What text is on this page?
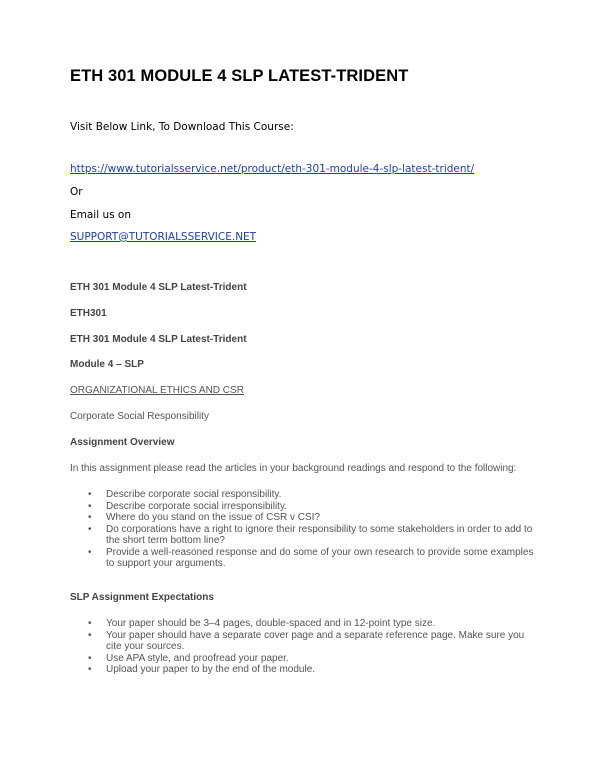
ETH 301 MODULE 4 SLP LATEST-TRIDENT
Visit Below Link, To Download This Course:
https://www.tutorialsservice.net/product/eth-301-module-4-slp-latest-trident/
Or
Email us on
SUPPORT@TUTORIALSSERVICE.NET
ETH 301 Module 4 SLP Latest-Trident
ETH301
ETH 301 Module 4 SLP Latest-Trident
Module 4 – SLP
ORGANIZATIONAL ETHICS AND CSR
Corporate Social Responsibility
Assignment Overview
In this assignment please read the articles in your background readings and respond to the following:
• Describe corporate social responsibility.
• Describe corporate social irresponsibility.
• Where do you stand on the issue of CSR v CSI?
• Do corporations have a right to ignore their responsibility to some stakeholders in order to add to the short term bottom line?
• Provide a well-reasoned response and do some of your own research to provide some examples to support your arguments.
SLP Assignment Expectations
• Your paper should be 3–4 pages, double-spaced and in 12-point type size.
• Your paper should have a separate cover page and a separate reference page. Make sure you cite your sources.
• Use APA style, and proofread your paper.
• Upload your paper to by the end of the module.
